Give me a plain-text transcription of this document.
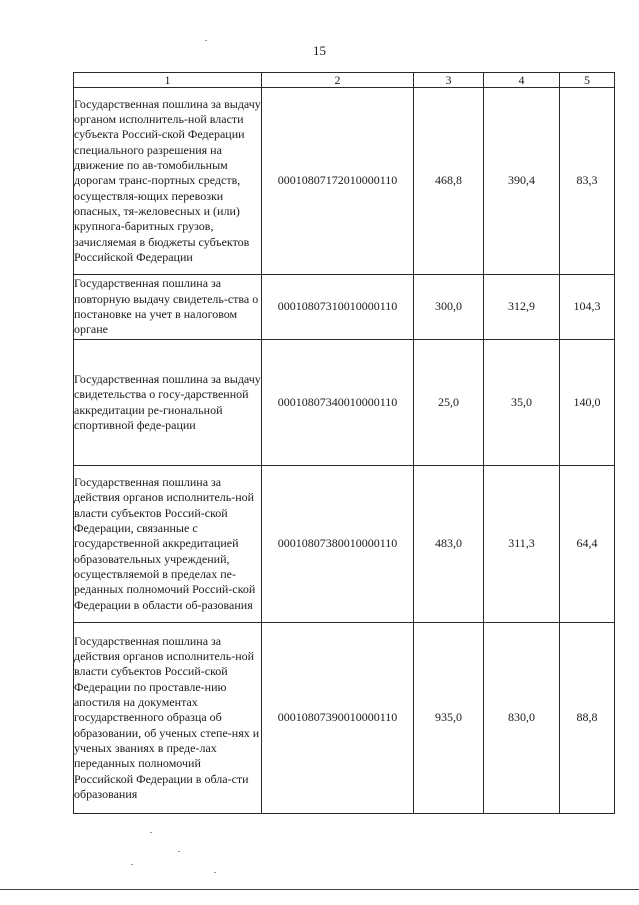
15
1	2	3	4	5
Государственная пошлина за выдачу органом исполнитель-ной власти субъекта Россий-ской Федерации специального разрешения на движение по ав-томобильным дорогам транс-портных средств, осуществля-ющих перевозки опасных, тя-желовесных и (или) крупнога-баритных грузов, зачисляемая в бюджеты субъектов Российской Федерации	00010807172010000110	468,8	390,4	83,3
Государственная пошлина за повторную выдачу свидетель-ства о постановке на учет в налоговом органе	00010807310010000110	300,0	312,9	104,3
Государственная пошлина за выдачу свидетельства о госу-дарственной аккредитации ре-гиональной спортивной феде-рации	00010807340010000110	25,0	35,0	140,0
Государственная пошлина за действия органов исполнитель-ной власти субъектов Россий-ской Федерации, связанные с государственной аккредитацией образовательных учреждений, осуществляемой в пределах пе-реданных полномочий Россий-ской Федерации в области об-разования	00010807380010000110	483,0	311,3	64,4
Государственная пошлина за действия органов исполнитель-ной власти субъектов Россий-ской Федерации по проставле-нию апостиля на документах государственного образца об образовании, об ученых степе-нях и ученых званиях в преде-лах переданных полномочий Российской Федерации в обла-сти образования	00010807390010000110	935,0	830,0	88,8
